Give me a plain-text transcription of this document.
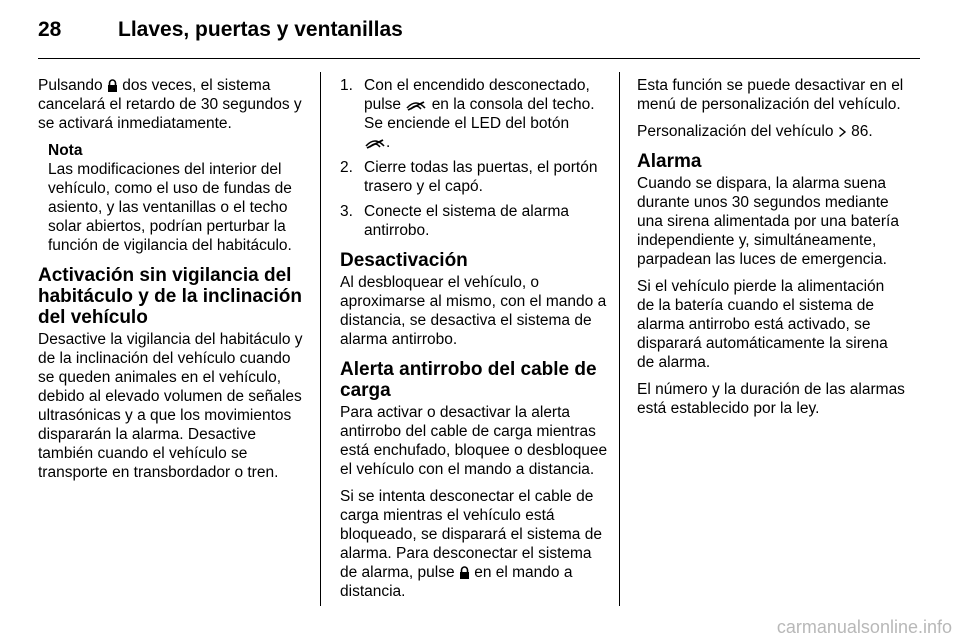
28	Llaves, puertas y ventanillas

Pulsando dos veces, el sistema cancelará el retardo de 30 segundos y se activará inmediatamente.

Nota
Las modificaciones del interior del vehículo, como el uso de fundas de asiento, y las ventanillas o el techo solar abiertos, podrían perturbar la función de vigilancia del habitáculo.
Activación sin vigilancia del habitáculo y de la inclinación del vehículo

Desactive la vigilancia del habitáculo y de la inclinación del vehículo cuando se queden animales en el vehículo, debido al elevado volumen de señales ultrasónicas y a que los movimientos dispararán la alarma. Desactive también cuando el vehículo se transporte en transbordador o tren.

1. Con el encendido desconectado, pulse en la consola del techo. Se enciende el LED del botón
.
2. Cierre todas las puertas, el portón trasero y el capó.
3. Conecte el sistema de alarma antirrobo.
Desactivación

Al desbloquear el vehículo, o aproximarse al mismo, con el mando a distancia, se desactiva el sistema de alarma antirrobo.

Alerta antirrobo del cable de carga

Para activar o desactivar la alerta antirrobo del cable de carga mientras está enchufado, bloquee o desbloquee el vehículo con el mando a distancia.

Si se intenta desconectar el cable de carga mientras el vehículo está bloqueado, se disparará el sistema de alarma. Para desconectar el sistema de alarma, pulse en el mando a distancia.

Esta función se puede desactivar en el menú de personalización del vehículo.

Personalización del vehículo 86.

Alarma

Cuando se dispara, la alarma suena durante unos 30 segundos mediante una sirena alimentada por una batería independiente y, simultáneamente, parpadean las luces de emergencia.

Si el vehículo pierde la alimentación de la batería cuando el sistema de alarma antirrobo está activado, se disparará automáticamente la sirena de alarma.

El número y la duración de las alarmas está establecido por la ley.

carmanualsonline.info
